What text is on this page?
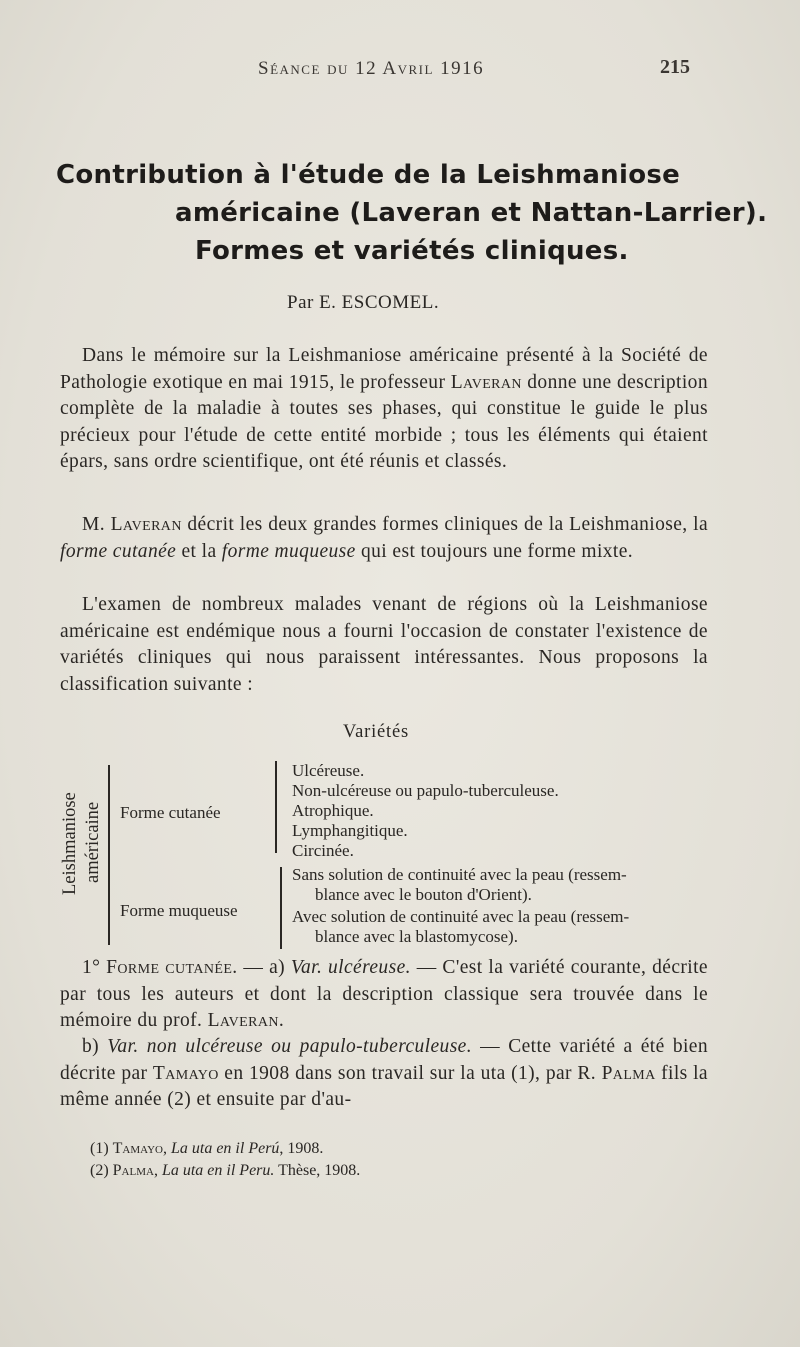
Séance du 12 Avril 1916	215
Contribution à l'étude de la Leishmaniose
américaine (Laveran et Nattan-Larrier).
Formes et variétés cliniques.
Par E. ESCOMEL.
Dans le mémoire sur la Leishmaniose américaine présenté à la Société de Pathologie exotique en mai 1915, le professeur Laveran donne une description complète de la maladie à toutes ses phases, qui constitue le guide le plus précieux pour l'étude de cette entité morbide ; tous les éléments qui étaient épars, sans ordre scientifique, ont été réunis et classés.
M. Laveran décrit les deux grandes formes cliniques de la Leishmaniose, la forme cutanée et la forme muqueuse qui est toujours une forme mixte.
L'examen de nombreux malades venant de régions où la Leishmaniose américaine est endémique nous a fourni l'occasion de constater l'existence de variétés cliniques qui nous paraissent intéressantes. Nous proposons la classification suivante :
Variétés
Leishmaniose américaine Forme cutanée
Ulcéreuse.
Non-ulcéreuse ou papulo-tuberculeuse.
Atrophique.
Lymphangitique.
Circinée.
Forme muqueuse
Sans solution de continuité avec la peau (ressem-
blance avec le bouton d'Orient).
Avec solution de continuité avec la peau (ressem-
blance avec la blastomycose).
1° Forme cutanée. — a) Var. ulcéreuse. — C'est la variété courante, décrite par tous les auteurs et dont la description classique sera trouvée dans le mémoire du prof. Laveran.
b) Var. non ulcéreuse ou papulo-tuberculeuse. — Cette variété a été bien décrite par Tamayo en 1908 dans son travail sur la uta (1), par R. Palma fils la même année (2) et ensuite par d'au-
(1) Tamayo, La uta en il Perú, 1908.
(2) Palma, La uta en il Peru. Thèse, 1908.
